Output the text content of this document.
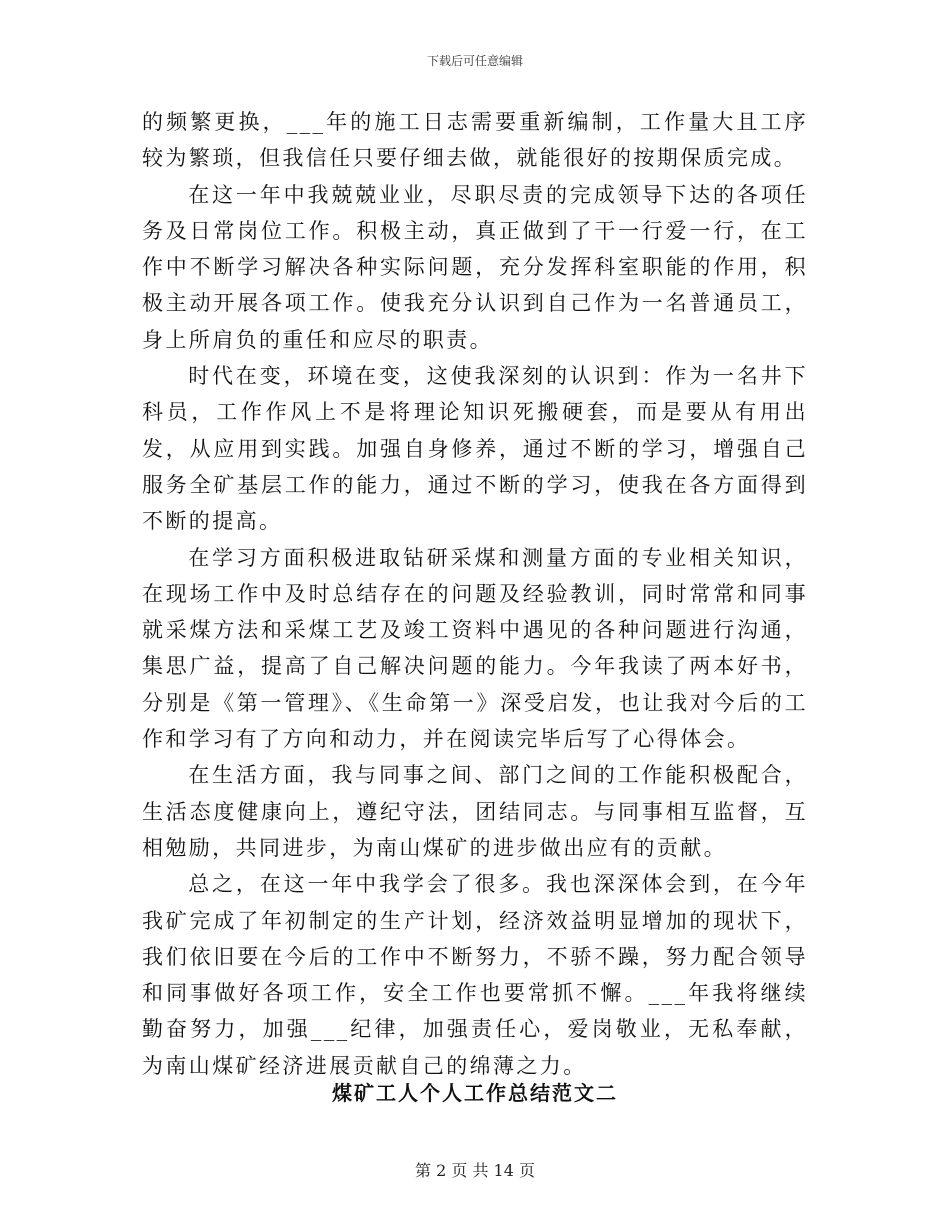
下载后可任意编辑

的频繁更换，___年的施工日志需要重新编制，工作量大且工序较为繁琐，但我信任只要仔细去做，就能很好的按期保质完成。

在这一年中我兢兢业业，尽职尽责的完成领导下达的各项任务及日常岗位工作。积极主动，真正做到了干一行爱一行，在工作中不断学习解决各种实际问题，充分发挥科室职能的作用，积极主动开展各项工作。使我充分认识到自己作为一名普通员工，身上所肩负的重任和应尽的职责。

时代在变，环境在变，这使我深刻的认识到：作为一名井下科员，工作作风上不是将理论知识死搬硬套，而是要从有用出发，从应用到实践。加强自身修养，通过不断的学习，增强自己服务全矿基层工作的能力，通过不断的学习，使我在各方面得到不断的提高。

在学习方面积极进取钻研采煤和测量方面的专业相关知识，在现场工作中及时总结存在的问题及经验教训，同时常常和同事就采煤方法和采煤工艺及竣工资料中遇见的各种问题进行沟通，集思广益，提高了自己解决问题的能力。今年我读了两本好书，分别是《第一管理》、《生命第一》深受启发，也让我对今后的工作和学习有了方向和动力，并在阅读完毕后写了心得体会。

在生活方面，我与同事之间、部门之间的工作能积极配合，生活态度健康向上，遵纪守法，团结同志。与同事相互监督，互相勉励，共同进步，为南山煤矿的进步做出应有的贡献。

总之，在这一年中我学会了很多。我也深深体会到，在今年我矿完成了年初制定的生产计划，经济效益明显增加的现状下，我们依旧要在今后的工作中不断努力，不骄不躁，努力配合领导和同事做好各项工作，安全工作也要常抓不懈。___年我将继续勤奋努力，加强___纪律，加强责任心，爱岗敬业，无私奉献，为南山煤矿经济进展贡献自己的绵薄之力。

煤矿工人个人工作总结范文二
第 2 页 共 14 页
